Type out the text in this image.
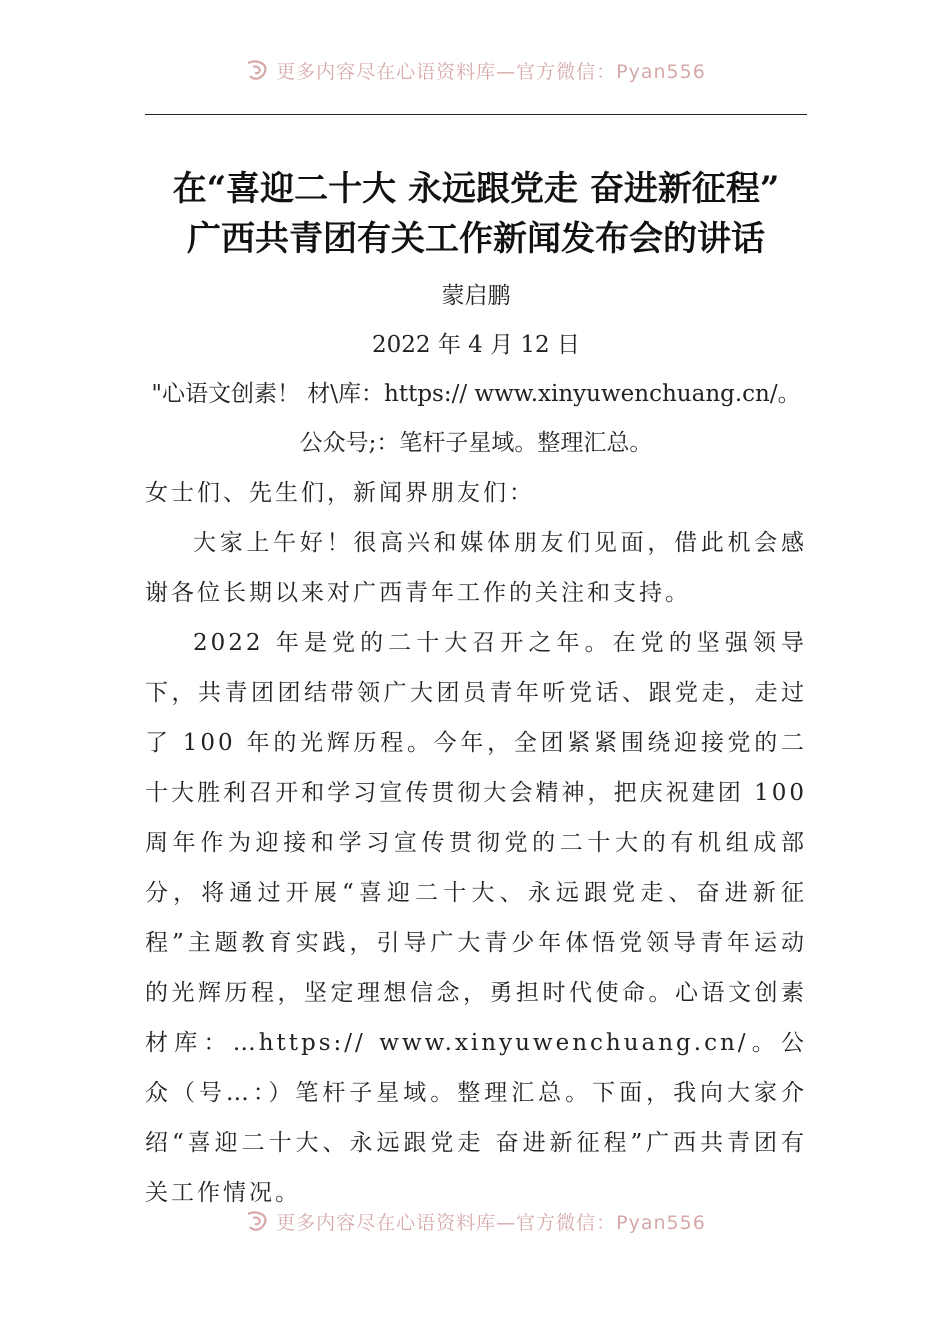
更多内容尽在心语资料库—官方微信：Pyan556
在“喜迎二十大 永远跟党走 奋进新征程”
广西共青团有关工作新闻发布会的讲话

蒙启鹏

2022 年 4 月 12 日

"心语文创素！ 材\库：https:// www.xinyuwenchuang.cn/。公众号;：笔杆子星域。整理汇总。

女士们、先生们，新闻界朋友们：

大家上午好！很高兴和媒体朋友们见面，借此机会感谢各位长期以来对广西青年工作的关注和支持。

2022 年是党的二十大召开之年。在党的坚强领导下，共青团团结带领广大团员青年听党话、跟党走，走过了 100 年的光辉历程。今年，全团紧紧围绕迎接党的二十大胜利召开和学习宣传贯彻大会精神，把庆祝建团 100 周年作为迎接和学习宣传贯彻党的二十大的有机组成部分，将通过开展“喜迎二十大、永远跟党走、奋进新征程”主题教育实践，引导广大青少年体悟党领导青年运动的光辉历程，坚定理想信念，勇担时代使命。心语文创素材库：…https:// www.xinyuwenchuang.cn/。公众（号…：）笔杆子星域。整理汇总。下面，我向大家介绍“喜迎二十大、永远跟党走 奋进新征程”广西共青团有关工作情况。

更多内容尽在心语资料库—官方微信：Pyan556
